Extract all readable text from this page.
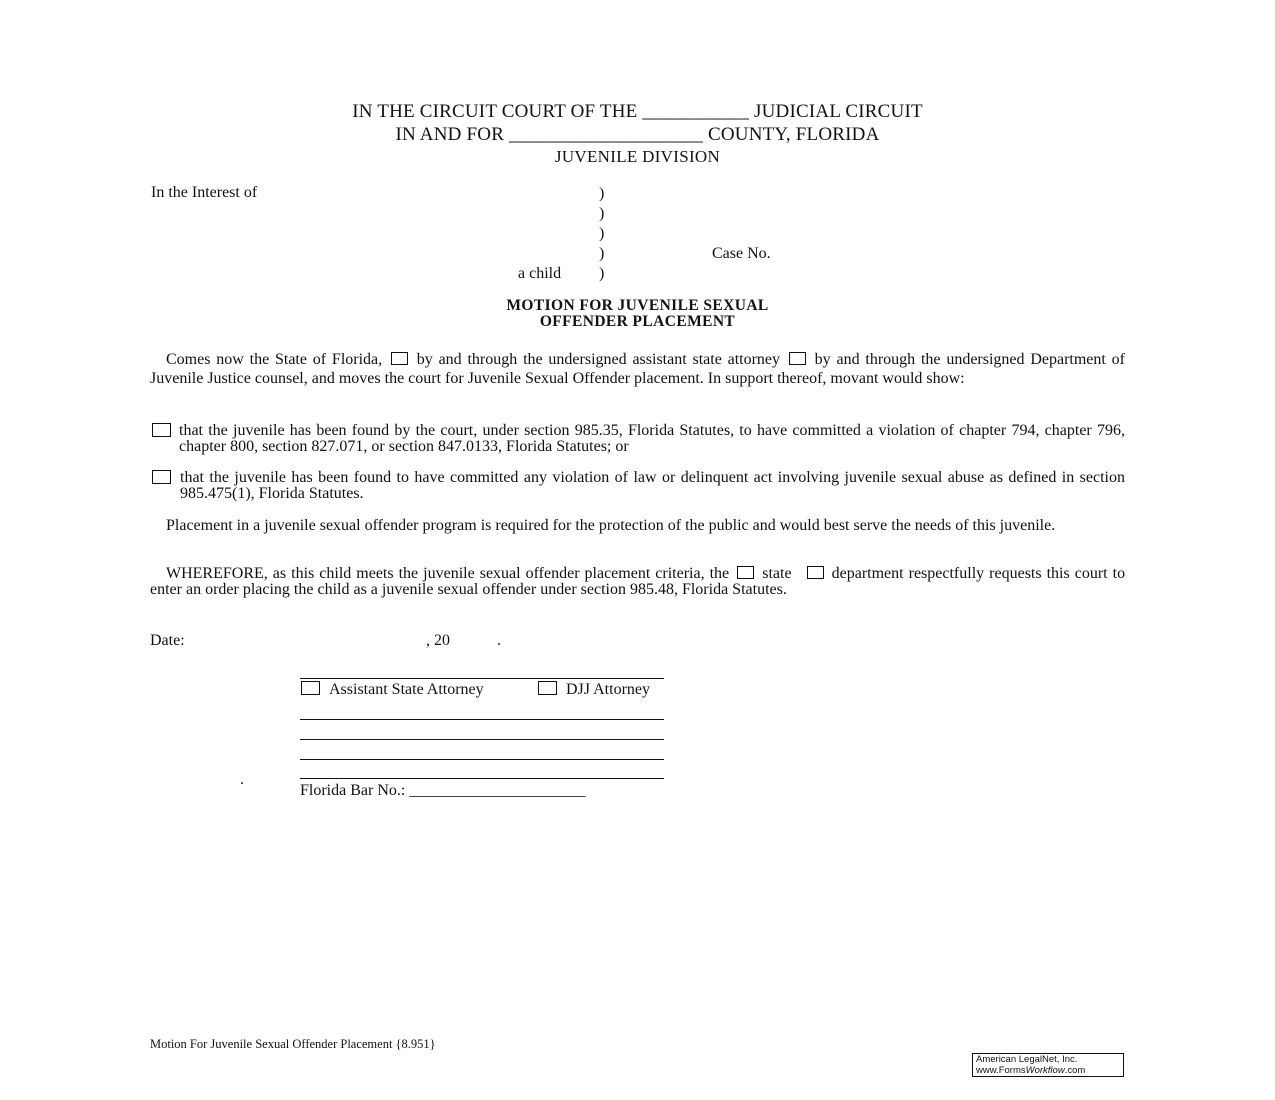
IN THE CIRCUIT COURT OF THE ___________ JUDICIAL CIRCUIT
IN AND FOR ____________________ COUNTY, FLORIDA
JUVENILE DIVISION
In the Interest of	)
)
)
)
)
Case No.
a child
MOTION FOR JUVENILE SEXUAL
OFFENDER PLACEMENT
Comes now the State of Florida, by and through the undersigned assistant state attorney by and through the undersigned Department of Juvenile Justice counsel, and moves the court for Juvenile Sexual Offender placement. In support thereof, movant would show:
that the juvenile has been found by the court, under section 985.35, Florida Statutes, to have committed a violation of chapter 794, chapter 796, chapter 800, section 827.071, or section 847.0133, Florida Statutes; or
that the juvenile has been found to have committed any violation of law or delinquent act involving juvenile sexual abuse as defined in section 985.475(1), Florida Statutes.
Placement in a juvenile sexual offender program is required for the protection of the public and would best serve the needs of this juvenile.
WHEREFORE, as this child meets the juvenile sexual offender placement criteria, the state	department respectfully requests this court to enter an order placing the child as a juvenile sexual offender under section 985.48, Florida Statutes.
Date:	, 20	.
Assistant State Attorney	DJJ Attorney
.
Florida Bar No.: ______________________
Motion For Juvenile Sexual Offender Placement {8.951}
American LegalNet, Inc.
www.FormsWorkflow.com
